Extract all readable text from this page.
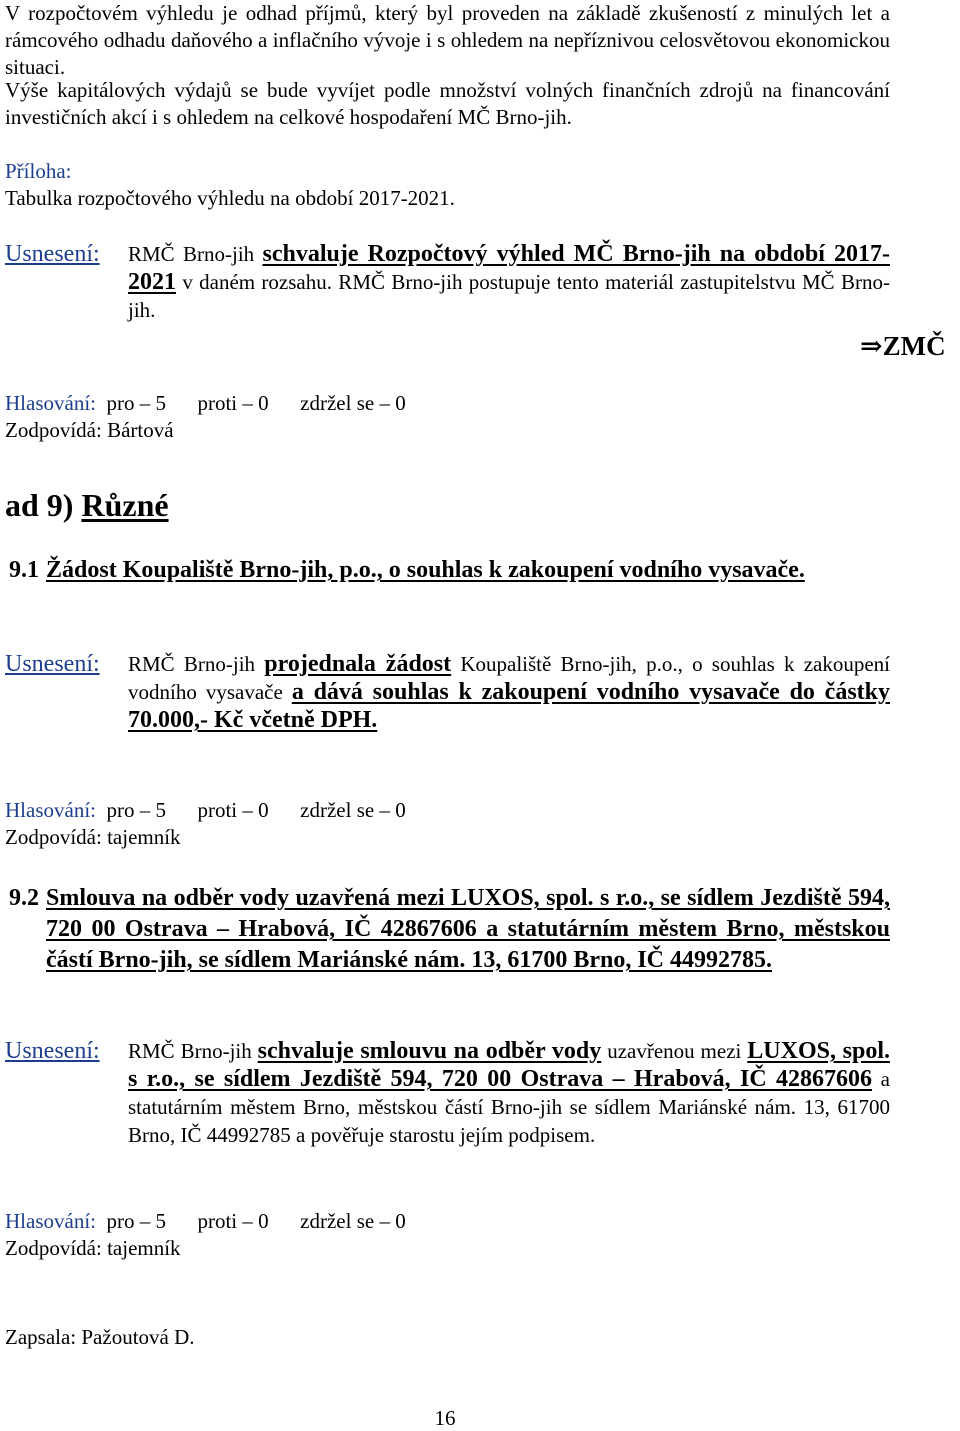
V rozpočtovém výhledu je odhad příjmů, který byl proveden na základě zkušeností z minulých let a rámcového odhadu daňového a inflačního vývoje i s ohledem na nepříznivou celosvětovou ekonomickou situaci.
Výše kapitálových výdajů se bude vyvíjet podle množství volných finančních zdrojů na financování investičních akcí i s ohledem na celkové hospodaření MČ Brno-jih.
Příloha:
Tabulka rozpočtového výhledu na období 2017-2021.
Usnesení: RMČ Brno-jih schvaluje Rozpočtový výhled MČ Brno-jih na období 2017-2021 v daném rozsahu. RMČ Brno-jih postupuje tento materiál zastupitelstvu MČ Brno-jih.
⇒ZMČ
Hlasování: pro – 5 proti – 0 zdržel se – 0
Zodpovídá: Bártová
ad 9) Různé
9.1 Žádost Koupaliště Brno-jih, p.o., o souhlas k zakoupení vodního vysavače.
Usnesení: RMČ Brno-jih projednala žádost Koupaliště Brno-jih, p.o., o souhlas k zakoupení vodního vysavače a dává souhlas k zakoupení vodního vysavače do částky 70.000,- Kč včetně DPH.
Hlasování: pro – 5 proti – 0 zdržel se – 0
Zodpovídá: tajemník
9.2 Smlouva na odběr vody uzavřená mezi LUXOS, spol. s r.o., se sídlem Jezdiště 594, 720 00 Ostrava – Hrabová, IČ 42867606 a statutárním městem Brno, městskou částí Brno-jih, se sídlem Mariánské nám. 13, 61700 Brno, IČ 44992785.
Usnesení: RMČ Brno-jih schvaluje smlouvu na odběr vody uzavřenou mezi LUXOS, spol. s r.o., se sídlem Jezdiště 594, 720 00 Ostrava – Hrabová, IČ 42867606 a statutárním městem Brno, městskou částí Brno-jih se sídlem Mariánské nám. 13, 61700 Brno, IČ 44992785 a pověřuje starostu jejím podpisem.
Hlasování: pro – 5 proti – 0 zdržel se – 0
Zodpovídá: tajemník
Zapsala: Pažoutová D.
16
